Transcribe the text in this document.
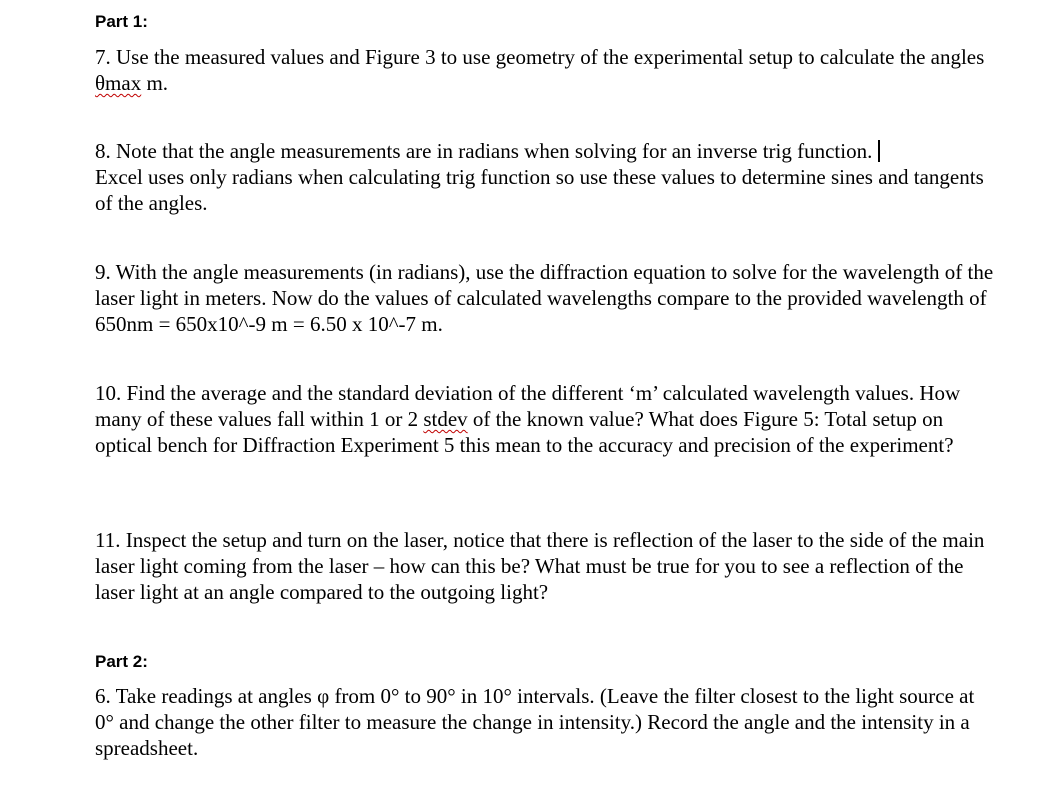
Part 1:
7. Use the measured values and Figure 3 to use geometry of the experimental setup to calculate the angles θmax m.
8. Note that the angle measurements are in radians when solving for an inverse trig function.
Excel uses only radians when calculating trig function so use these values to determine sines and tangents of the angles.
9. With the angle measurements (in radians), use the diffraction equation to solve for the wavelength of the laser light in meters. Now do the values of calculated wavelengths compare to the provided wavelength of 650nm = 650x10^-9 m = 6.50 x 10^-7 m.
10. Find the average and the standard deviation of the different ‘m’ calculated wavelength values. How many of these values fall within 1 or 2 stdev of the known value? What does Figure 5: Total setup on optical bench for Diffraction Experiment 5 this mean to the accuracy and precision of the experiment?
11. Inspect the setup and turn on the laser, notice that there is reflection of the laser to the side of the main laser light coming from the laser – how can this be? What must be true for you to see a reflection of the laser light at an angle compared to the outgoing light?
Part 2:
6. Take readings at angles φ from 0° to 90° in 10° intervals. (Leave the filter closest to the light source at 0° and change the other filter to measure the change in intensity.) Record the angle and the intensity in a spreadsheet.
